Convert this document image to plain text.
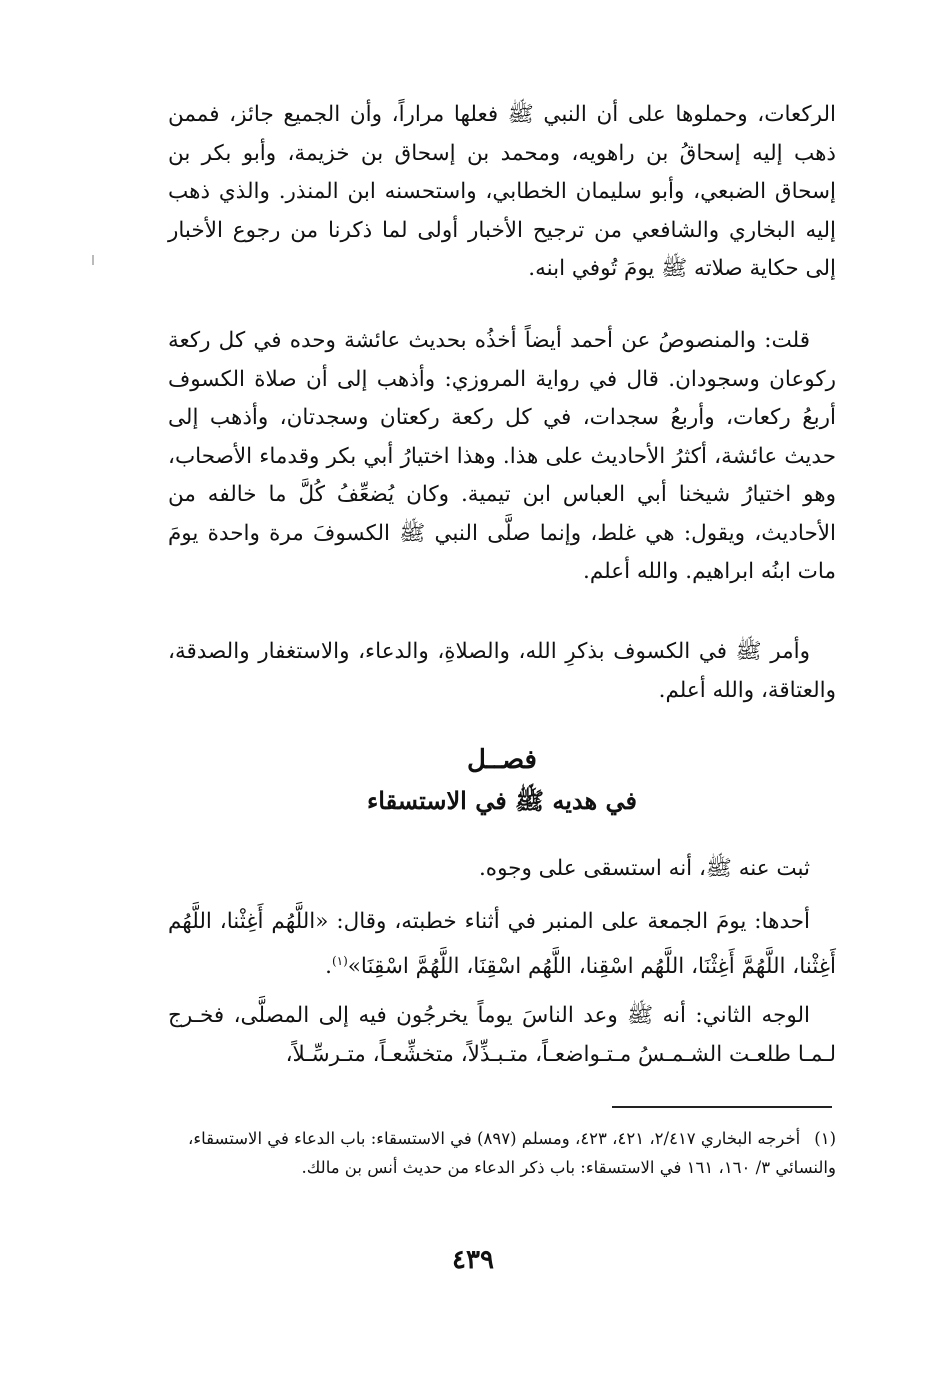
الركعات، وحملوها على أن النبي ﷺ فعلها مراراً، وأن الجميع جائز، فممن ذهب إليه إسحاقُ بن راهويه، ومحمد بن إسحاق بن خزيمة، وأبو بكر بن إسحاق الضبعي، وأبو سليمان الخطابي، واستحسنه ابن المنذر. والذي ذهب إليه البخاري والشافعي من ترجيح الأخبار أولى لما ذكرنا من رجوع الأخبار إلى حكاية صلاته ﷺ يومَ تُوفي ابنه.

قلت: والمنصوصُ عن أحمد أيضاً أخذُه بحديث عائشة وحده في كل ركعة ركوعان وسجودان. قال في رواية المروزي: وأذهب إلى أن صلاة الكسوف أربعُ ركعات، وأربعُ سجدات، في كل ركعة ركعتان وسجدتان، وأذهب إلى حديث عائشة، أكثرُ الأحاديث على هذا. وهذا اختيارُ أبي بكر وقدماء الأصحاب، وهو اختيارُ شيخنا أبي العباس ابن تيمية. وكان يُضعِّفُ كُلَّ ما خالفه من الأحاديث، ويقول: هي غلط، وإنما صلَّى النبي ﷺ الكسوفَ مرة واحدة يومَ مات ابنُه ابراهيم. والله أعلم.

وأمر ﷺ في الكسوف بذكرِ الله، والصلاةِ، والدعاء، والاستغفار والصدقة، والعتاقة، والله أعلم.

فصــل
في هديه ﷺ في الاستسقاء

ثبت عنه ﷺ، أنه استسقى على وجوه.

أحدها: يومَ الجمعة على المنبر في أثناء خطبته، وقال: «اللَّهُم أَغِثْنا، اللَّهُم أَغِثْنا، اللَّهُمَّ أَغِثْنَا، اللَّهُم اسْقِنا، اللَّهُم اسْقِنَا، اللَّهُمَّ اسْقِنَا»$^{(١)}$.

الوجه الثاني: أنه ﷺ وعد الناسَ يوماً يخرجُون فيه إلى المصلَّى، فخـرج لـمـا طلعـت الشـمـسُ مـتـواضعـاً، متـبـذِّلاً، متخشِّعـاً، متـرسِّـلاً،

(١)أخرجه البخاري ٢/٤١٧، ٤٢١، ٤٢٣، ومسلم (٨٩٧) في الاستسقاء: باب الدعاء في الاستسقاء، والنسائي ٣/ ١٦٠، ١٦١ في الاستسقاء: باب ذكر الدعاء من حديث أنس بن مالك.
٤٣٩
